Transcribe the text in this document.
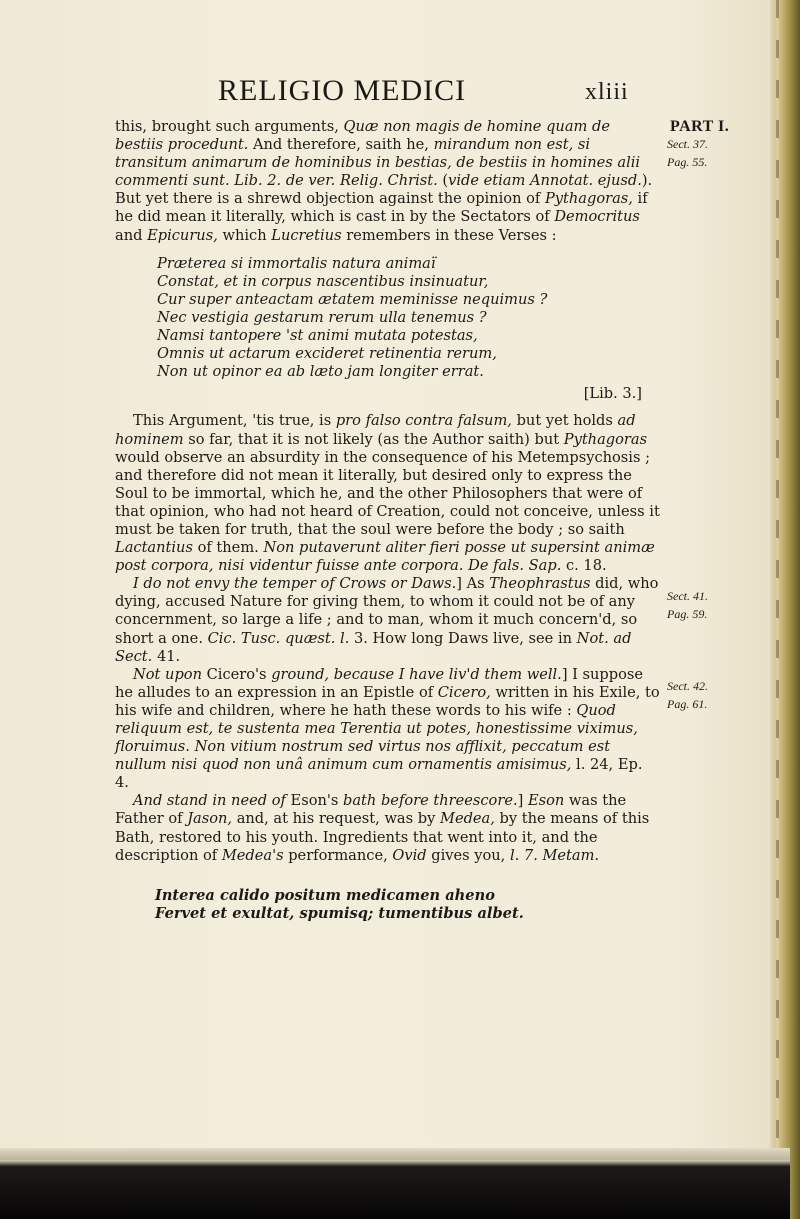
RELIGIO MEDICI	xliii
PART I.
Sect. 37.
Pag. 55.
Sect. 41.
Pag. 59.
Sect. 42.
Pag. 61.

this, brought such arguments, Quæ non magis de homine quam de bestiis procedunt. And therefore, saith he, mirandum non est, si transitum animarum de hominibus in bestias, de bestiis in homines alii commenti sunt. Lib. 2. de ver. Relig. Christ. (vide etiam Annotat. ejusd.). But yet there is a shrewd objection against the opinion of Pythagoras, if he did mean it literally, which is cast in by the Sectators of Democritus and Epicurus, which Lucretius remembers in these Verses :

Præterea si immortalis natura animaï
Constat, et in corpus nascentibus insinuatur,
Cur super anteactam ætatem meminisse nequimus ?
Nec vestigia gestarum rerum ulla tenemus ?
Namsi tantopere 'st animi mutata potestas,
Omnis ut actarum excideret retinentia rerum,
Non ut opinor ea ab læto jam longiter errat.
[Lib. 3.]

This Argument, 'tis true, is pro falso contra falsum, but yet holds ad hominem so far, that it is not likely (as the Author saith) but Pythagoras would observe an absurdity in the consequence of his Metempsychosis ; and therefore did not mean it literally, but desired only to express the Soul to be immortal, which he, and the other Philosophers that were of that opinion, who had not heard of Creation, could not conceive, unless it must be taken for truth, that the soul were before the body ; so saith Lactantius of them. Non putaverunt aliter fieri posse ut supersint animæ post corpora, nisi videntur fuisse ante corpora. De fals. Sap. c. 18.

I do not envy the temper of Crows or Daws.] As Theophrastus did, who dying, accused Nature for giving them, to whom it could not be of any concernment, so large a life ; and to man, whom it much concern'd, so short a one. Cic. Tusc. quæst. l. 3. How long Daws live, see in Not. ad Sect. 41.

Not upon Cicero's ground, because I have liv'd them well.] I suppose he alludes to an expression in an Epistle of Cicero, written in his Exile, to his wife and children, where he hath these words to his wife : Quod reliquum est, te sustenta mea Terentia ut potes, honestissime viximus, floruimus. Non vitium nostrum sed virtus nos afflixit, peccatum est nullum nisi quod non unâ animum cum ornamentis amisimus, l. 24, Ep. 4.

And stand in need of Eson's bath before threescore.] Eson was the Father of Jason, and, at his request, was by Medea, by the means of this Bath, restored to his youth. Ingredients that went into it, and the description of Medea's performance, Ovid gives you, l. 7. Metam.

Interea calido positum medicamen aheno
Fervet et exultat, spumisq; tumentibus albet.
